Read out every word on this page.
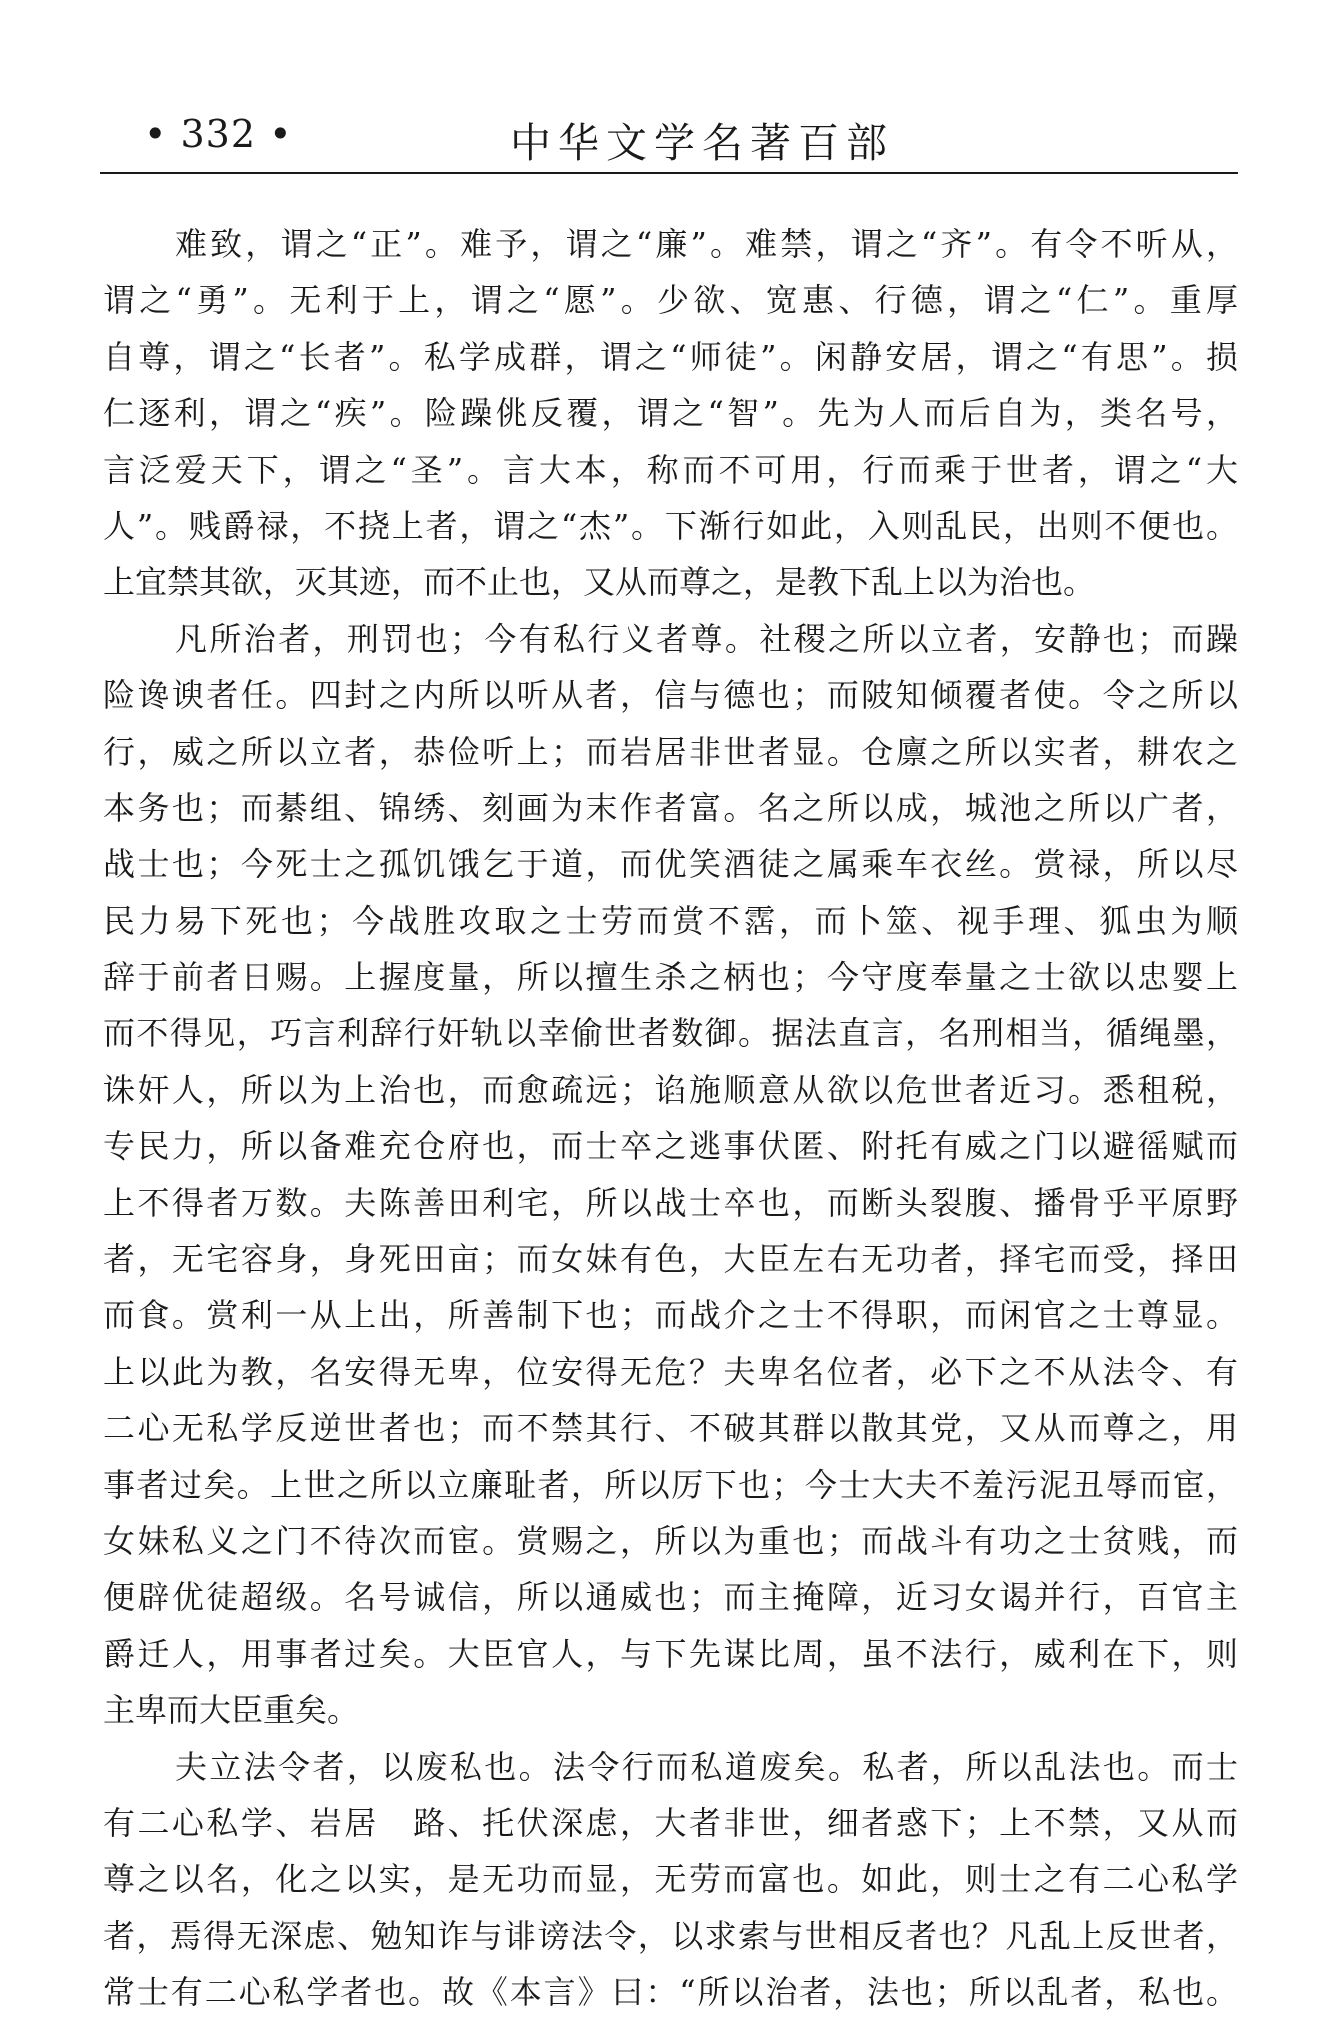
• 332 •	中华文学名著百部
难致，谓之“正”。难予，谓之“廉”。难禁，谓之“齐”。有令不听从，
谓之“勇”。无利于上，谓之“愿”。少欲、宽惠、行德，谓之“仁”。重厚
自尊，谓之“长者”。私学成群，谓之“师徒”。闲静安居，谓之“有思”。损
仁逐利，谓之“疾”。险躁佻反覆，谓之“智”。先为人而后自为，类名号，
言泛爱天下，谓之“圣”。言大本，称而不可用，行而乘于世者，谓之“大
人”。贱爵禄，不挠上者，谓之“杰”。下渐行如此，入则乱民，出则不便也。
上宜禁其欲，灭其迹，而不止也，又从而尊之，是教下乱上以为治也。
凡所治者，刑罚也；今有私行义者尊。社稷之所以立者，安静也；而躁
险谗谀者任。四封之内所以听从者，信与德也；而陂知倾覆者使。令之所以
行，威之所以立者，恭俭听上；而岩居非世者显。仓廪之所以实者，耕农之
本务也；而綦组、锦绣、刻画为末作者富。名之所以成，城池之所以广者，
战士也；今死士之孤饥饿乞于道，而优笑酒徒之属乘车衣丝。赏禄，所以尽
民力易下死也；今战胜攻取之士劳而赏不霑，而卜筮、视手理、狐虫为顺
辞于前者日赐。上握度量，所以擅生杀之柄也；今守度奉量之士欲以忠婴上
而不得见，巧言利辞行奸轨以幸偷世者数御。据法直言，名刑相当，循绳墨，
诛奸人，所以为上治也，而愈疏远；谄施顺意从欲以危世者近习。悉租税，
专民力，所以备难充仓府也，而士卒之逃事伏匿、附托有威之门以避徭赋而
上不得者万数。夫陈善田利宅，所以战士卒也，而断头裂腹、播骨乎平原野
者，无宅容身，身死田亩；而女妹有色，大臣左右无功者，择宅而受，择田
而食。赏利一从上出，所善制下也；而战介之士不得职，而闲官之士尊显。
上以此为教，名安得无卑，位安得无危？夫卑名位者，必下之不从法令、有
二心无私学反逆世者也；而不禁其行、不破其群以散其党，又从而尊之，用
事者过矣。上世之所以立廉耻者，所以厉下也；今士大夫不羞污泥丑辱而宦，
女妹私义之门不待次而宦。赏赐之，所以为重也；而战斗有功之士贫贱，而
便辟优徒超级。名号诚信，所以通威也；而主掩障，近习女谒并行，百官主
爵迁人，用事者过矣。大臣官人，与下先谋比周，虽不法行，威利在下，则
主卑而大臣重矣。
夫立法令者，以废私也。法令行而私道废矣。私者，所以乱法也。而士
有二心私学、岩居　路、托伏深虑，大者非世，细者惑下；上不禁，又从而
尊之以名，化之以实，是无功而显，无劳而富也。如此，则士之有二心私学
者，焉得无深虑、勉知诈与诽谤法令，以求索与世相反者也？凡乱上反世者，
常士有二心私学者也。故《本言》曰：“所以治者，法也；所以乱者，私也。
